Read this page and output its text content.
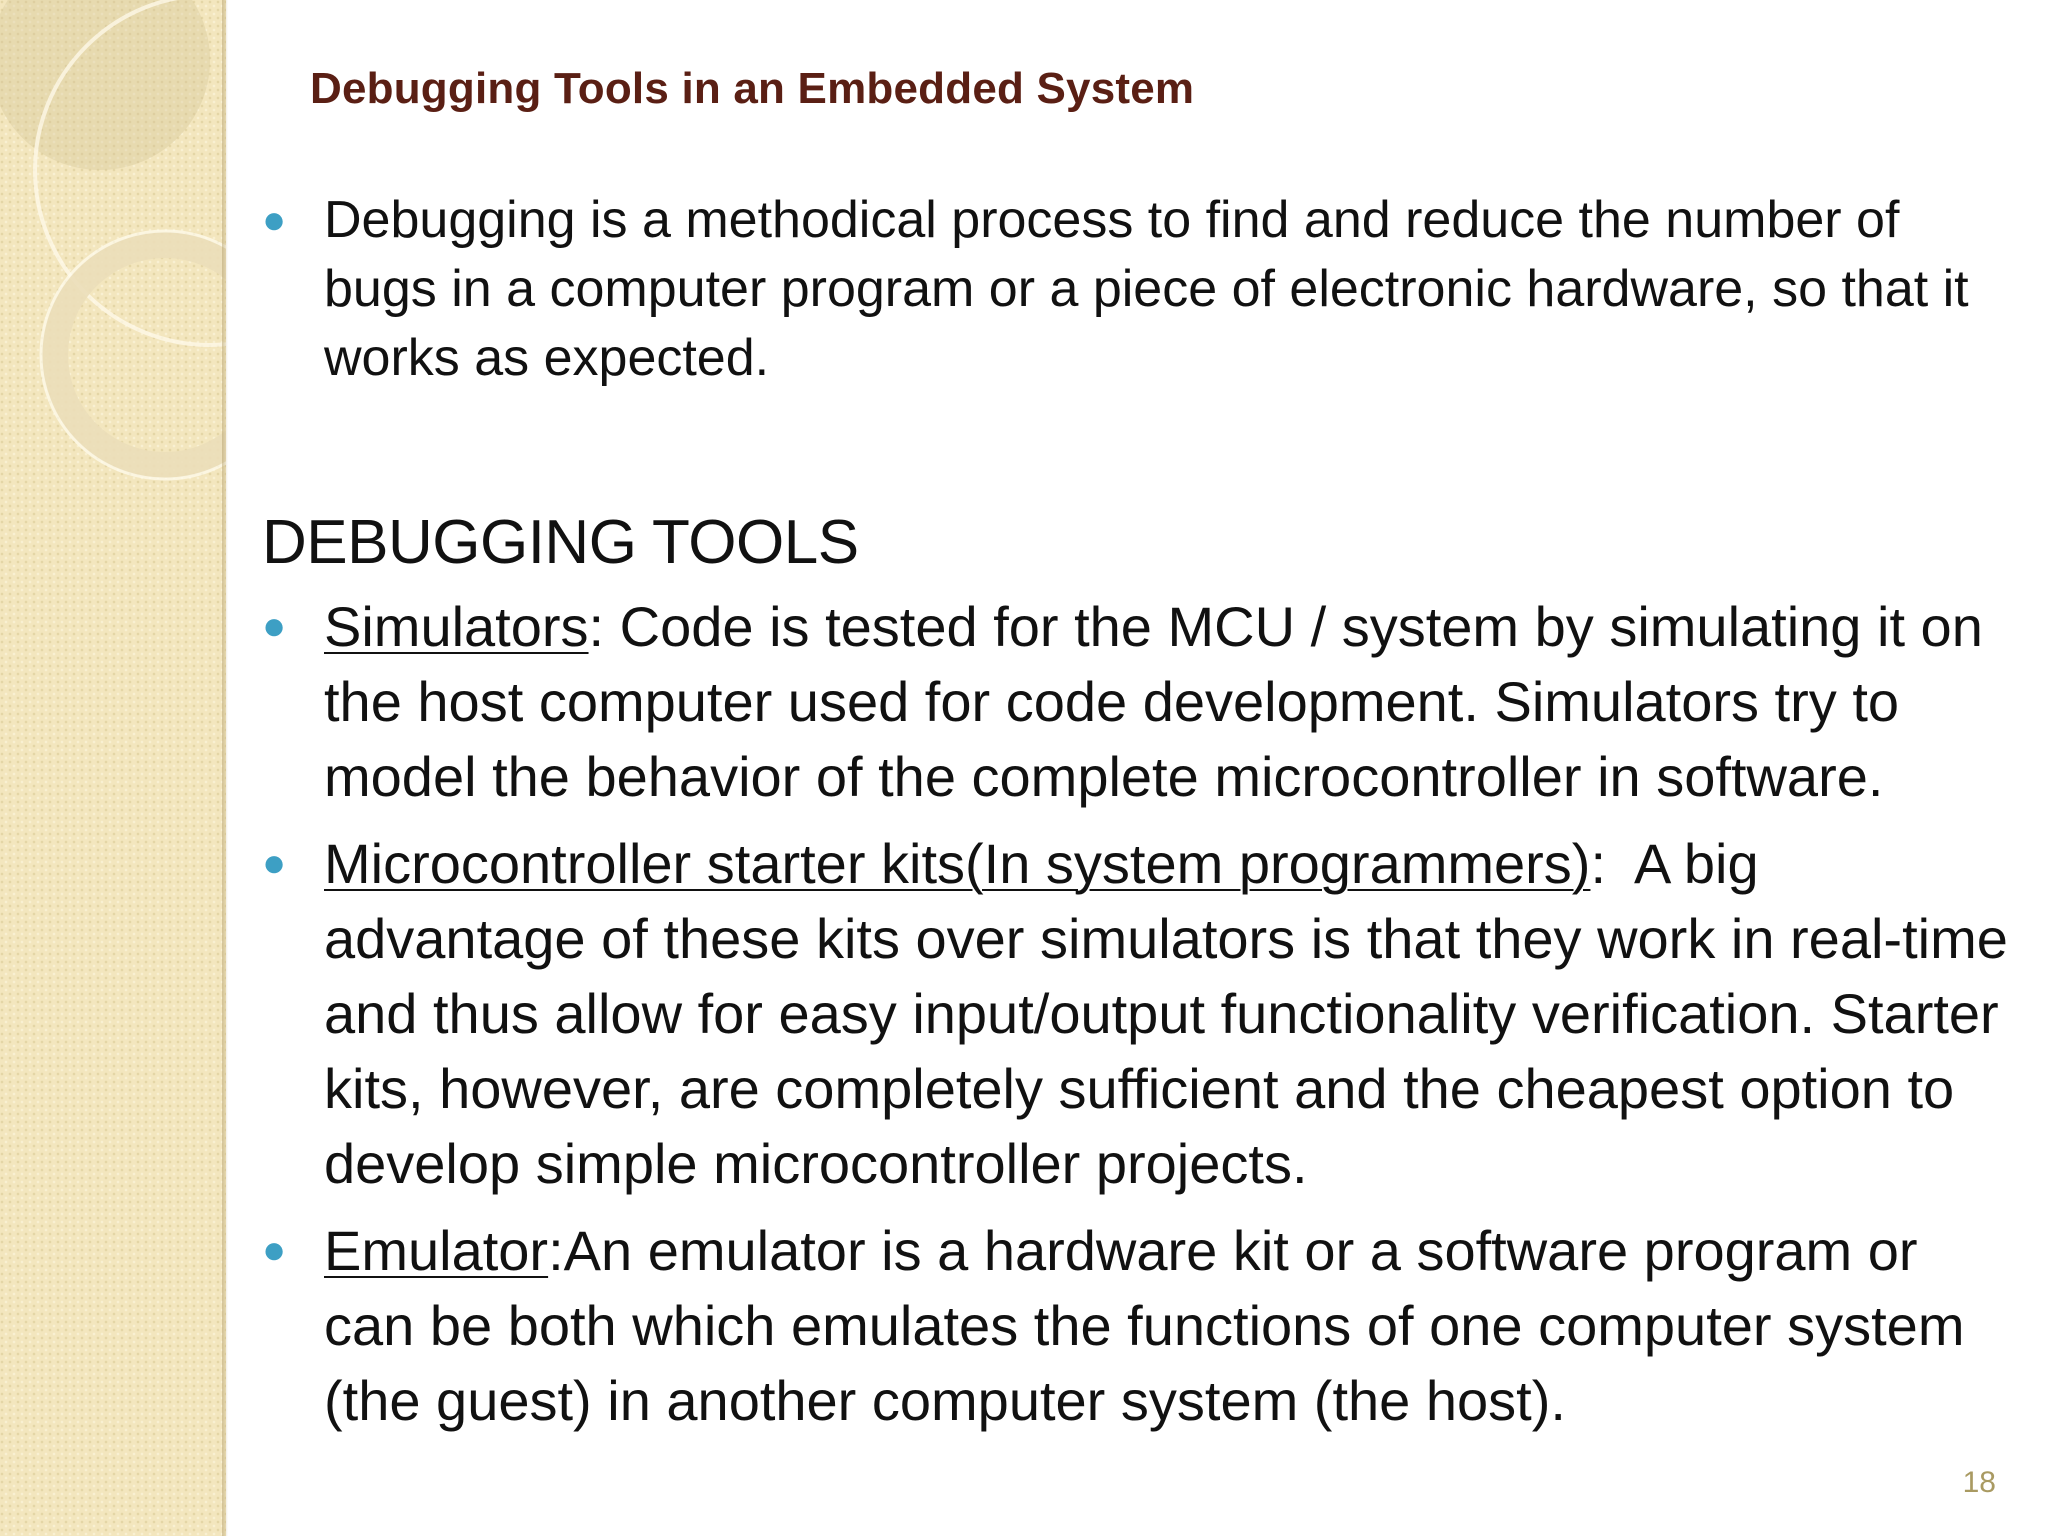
Debugging Tools in an Embedded System
● Debugging is a methodical process to find and reduce the number of bugs in a computer program or a piece of electronic hardware, so that it works as expected.
DEBUGGING TOOLS
● Simulators: Code is tested for the MCU / system by simulating it on the host computer used for code development. Simulators try to model the behavior of the complete microcontroller in software.
● Microcontroller starter kits(In system programmers):  A big advantage of these kits over simulators is that they work in real-time and thus allow for easy input/output functionality verification. Starter kits, however, are completely sufficient and the cheapest option to develop simple microcontroller projects.
● Emulator:An emulator is a hardware kit or a software program or can be both which emulates the functions of one computer system (the guest) in another computer system (the host).
18
